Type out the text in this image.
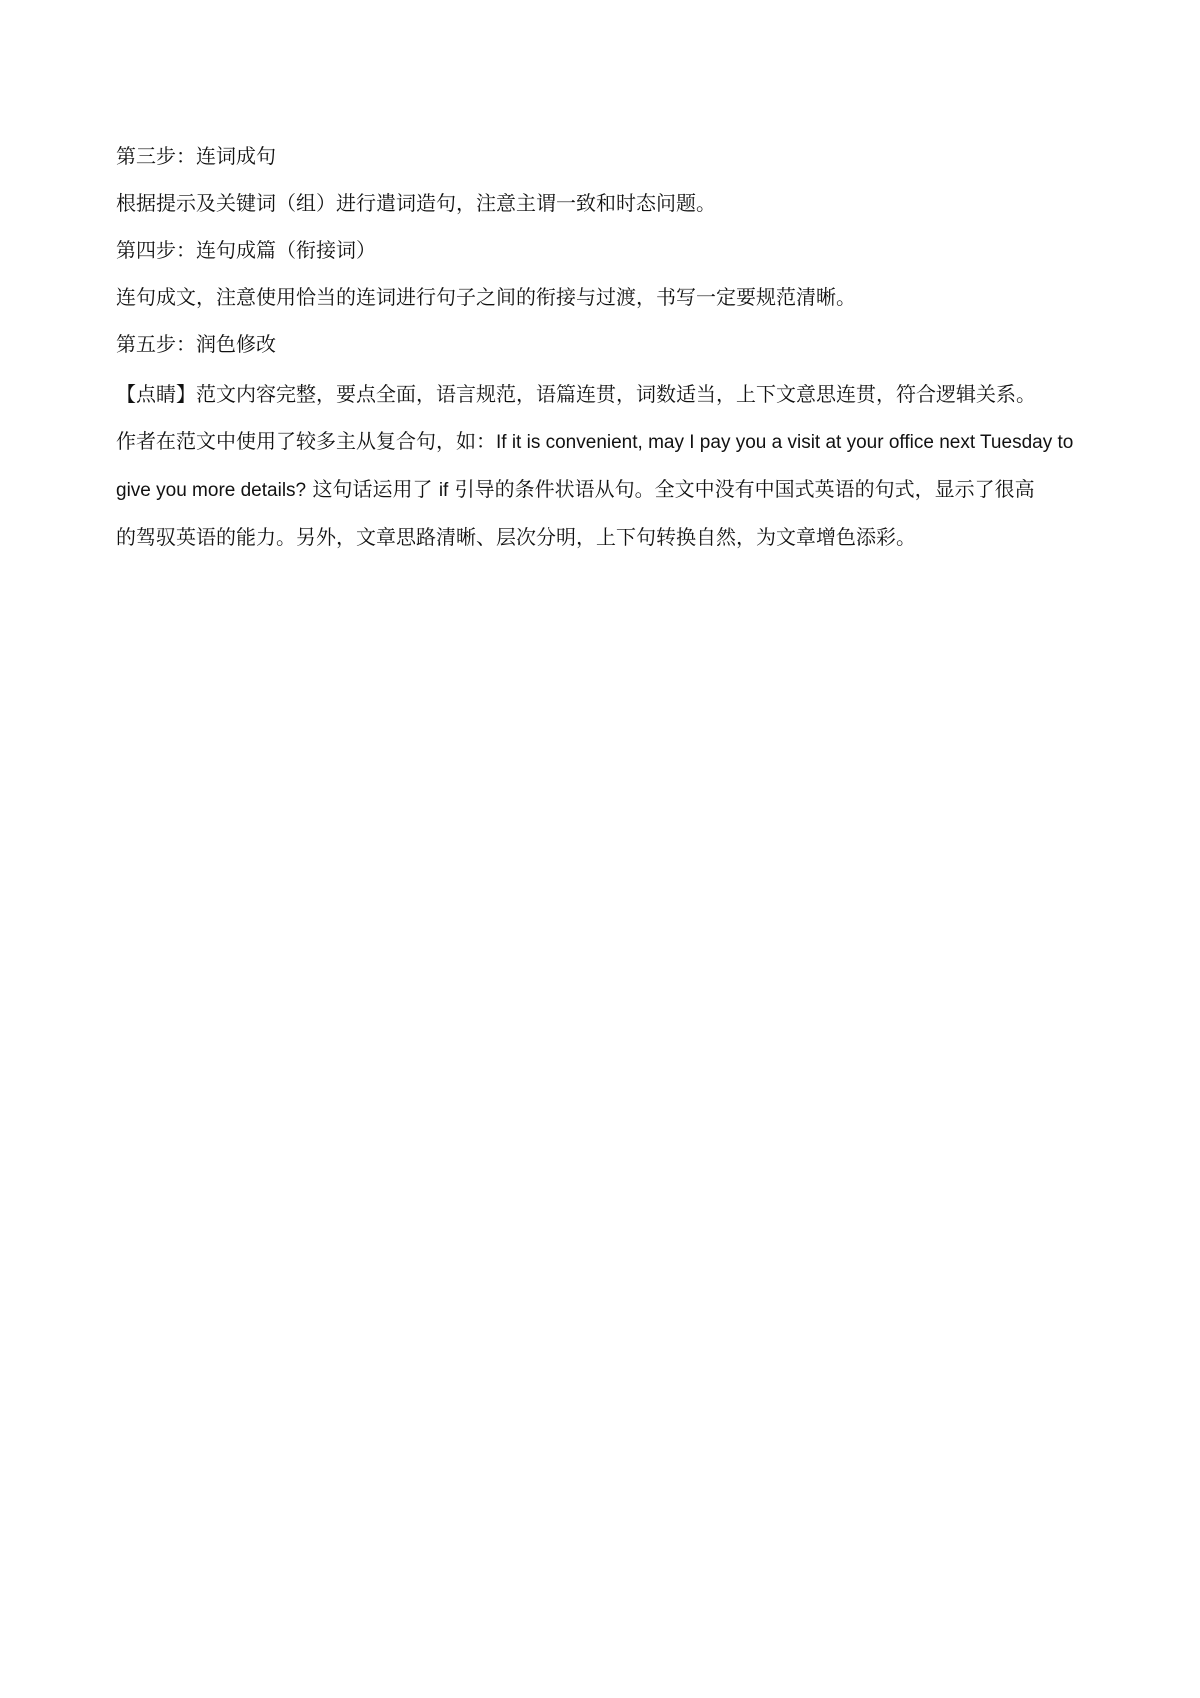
第三步：连词成句

根据提示及关键词（组）进行遣词造句，注意主谓一致和时态问题。

第四步：连句成篇（衔接词）

连句成文，注意使用恰当的连词进行句子之间的衔接与过渡，书写一定要规范清晰。

第五步：润色修改

【点睛】范文内容完整，要点全面，语言规范，语篇连贯，词数适当，上下文意思连贯，符合逻辑关系。
作者在范文中使用了较多主从复合句，如：If it is convenient, may I pay you a visit at your office next Tuesday to
give you more details? 这句话运用了 if 引导的条件状语从句。全文中没有中国式英语的句式，显示了很高
的驾驭英语的能力。另外，文章思路清晰、层次分明，上下句转换自然，为文章增色添彩。
